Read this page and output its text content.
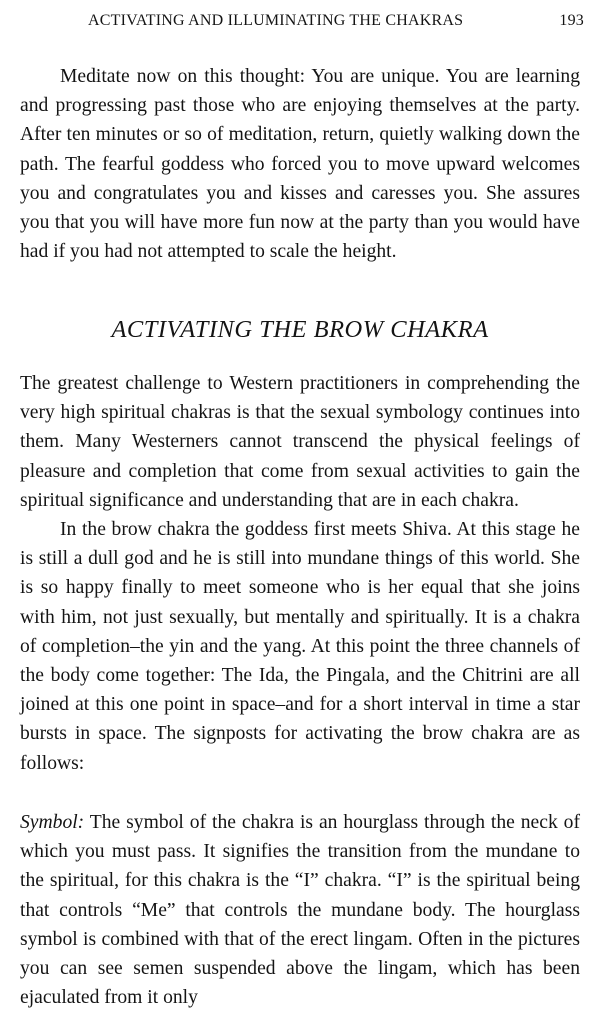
ACTIVATING AND ILLUMINATING THE CHAKRAS	193

Meditate now on this thought: You are unique. You are learning and progressing past those who are enjoying themselves at the party. After ten minutes or so of meditation, return, quietly walking down the path. The fearful goddess who forced you to move upward welcomes you and congratulates you and kisses and caresses you. She assures you that you will have more fun now at the party than you would have had if you had not attempted to scale the height.

ACTIVATING THE BROW CHAKRA

The greatest challenge to Western practitioners in comprehending the very high spiritual chakras is that the sexual symbology continues into them. Many Westerners cannot transcend the physical feelings of pleasure and completion that come from sexual activities to gain the spiritual significance and understanding that are in each chakra.

In the brow chakra the goddess first meets Shiva. At this stage he is still a dull god and he is still into mundane things of this world. She is so happy finally to meet someone who is her equal that she joins with him, not just sexually, but mentally and spiritually. It is a chakra of completion–the yin and the yang. At this point the three channels of the body come together: The Ida, the Pingala, and the Chitrini are all joined at this one point in space–and for a short interval in time a star bursts in space. The signposts for activating the brow chakra are as follows:

Symbol: The symbol of the chakra is an hourglass through the neck of which you must pass. It signifies the transition from the mundane to the spiritual, for this chakra is the “I” chakra. “I” is the spiritual being that controls “Me” that controls the mundane body. The hourglass symbol is combined with that of the erect lingam. Often in the pictures you can see semen suspended above the lingam, which has been ejaculated from it only
